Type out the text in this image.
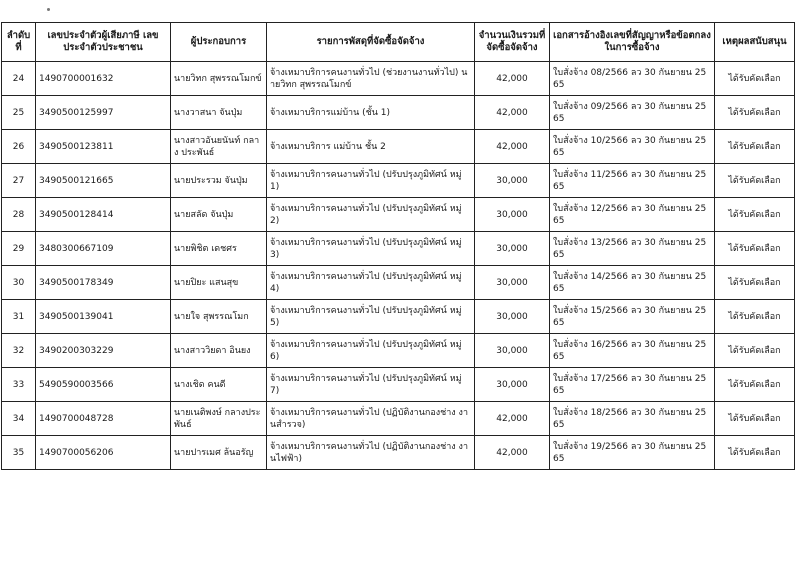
ลำดับที่	เลขประจำตัวผู้เสียภาษี เลขประจำตัวประชาชน	ผู้ประกอบการ	รายการพัสดุที่จัดซื้อจัดจ้าง	จำนวนเงินรวมที่จัดซื้อจัดจ้าง	เอกสารอ้างอิงเลขที่สัญญาหรือข้อตกลงในการซื้อจ้าง	เหตุผลสนับสนุน
24	1490700001632	นายวิทก สุพรรณโมกข์	จ้างเหมาบริการคนงานทั่วไป (ช่วยงานงานทั่วไป) นายวิทก สุพรรณโมกข์	42,000	ใบสั่งจ้าง 08/2566 ลว 30 กันยายน 2565	ได้รับคัดเลือก
25	3490500125997	นางวาสนา จันปุ่ม	จ้างเหมาบริการแม่บ้าน (ชั้น 1)	42,000	ใบสั่งจ้าง 09/2566 ลว 30 กันยายน 2565	ได้รับคัดเลือก
26	3490500123811	นางสาวอันยนันท์ กลาง ประพันธ์	จ้างเหมาบริการ แม่บ้าน ชั้น 2	42,000	ใบสั่งจ้าง 10/2566 ลว 30 กันยายน 2565	ได้รับคัดเลือก
27	3490500121665	นายประรวม จันปุ่ม	จ้างเหมาบริการคนงานทั่วไป (ปรับปรุงภูมิทัศน์ หมู่ 1)	30,000	ใบสั่งจ้าง 11/2566 ลว 30 กันยายน 2565	ได้รับคัดเลือก
28	3490500128414	นายสลัด จันปุ่ม	จ้างเหมาบริการคนงานทั่วไป (ปรับปรุงภูมิทัศน์ หมู่ 2)	30,000	ใบสั่งจ้าง 12/2566 ลว 30 กันยายน 2565	ได้รับคัดเลือก
29	3480300667109	นายพิชิต เดชศร	จ้างเหมาบริการคนงานทั่วไป (ปรับปรุงภูมิทัศน์ หมู่ 3)	30,000	ใบสั่งจ้าง 13/2566 ลว 30 กันยายน 2565	ได้รับคัดเลือก
30	3490500178349	นายปิยะ แสนสุข	จ้างเหมาบริการคนงานทั่วไป (ปรับปรุงภูมิทัศน์ หมู่ 4)	30,000	ใบสั่งจ้าง 14/2566 ลว 30 กันยายน 2565	ได้รับคัดเลือก
31	3490500139041	นายใจ สุพรรณโมก	จ้างเหมาบริการคนงานทั่วไป (ปรับปรุงภูมิทัศน์ หมู่ 5)	30,000	ใบสั่งจ้าง 15/2566 ลว 30 กันยายน 2565	ได้รับคัดเลือก
32	3490200303229	นางสาววิยดา อินยง	จ้างเหมาบริการคนงานทั่วไป (ปรับปรุงภูมิทัศน์ หมู่ 6)	30,000	ใบสั่งจ้าง 16/2566 ลว 30 กันยายน 2565	ได้รับคัดเลือก
33	5490590003566	นางเชิด คนดี	จ้างเหมาบริการคนงานทั่วไป (ปรับปรุงภูมิทัศน์ หมู่ 7)	30,000	ใบสั่งจ้าง 17/2566 ลว 30 กันยายน 2565	ได้รับคัดเลือก
34	1490700048728	นายเนติพงษ์ กลางประพันธ์	จ้างเหมาบริการคนงานทั่วไป (ปฏิบัติงานกองช่าง งานสำรวจ)	42,000	ใบสั่งจ้าง 18/2566 ลว 30 กันยายน 2565	ได้รับคัดเลือก
35	1490700056206	นายปารเมศ ล้นอรัญ	จ้างเหมาบริการคนงานทั่วไป (ปฏิบัติงานกองช่าง งานไฟฟ้า)	42,000	ใบสั่งจ้าง 19/2566 ลว 30 กันยายน 2565	ได้รับคัดเลือก
